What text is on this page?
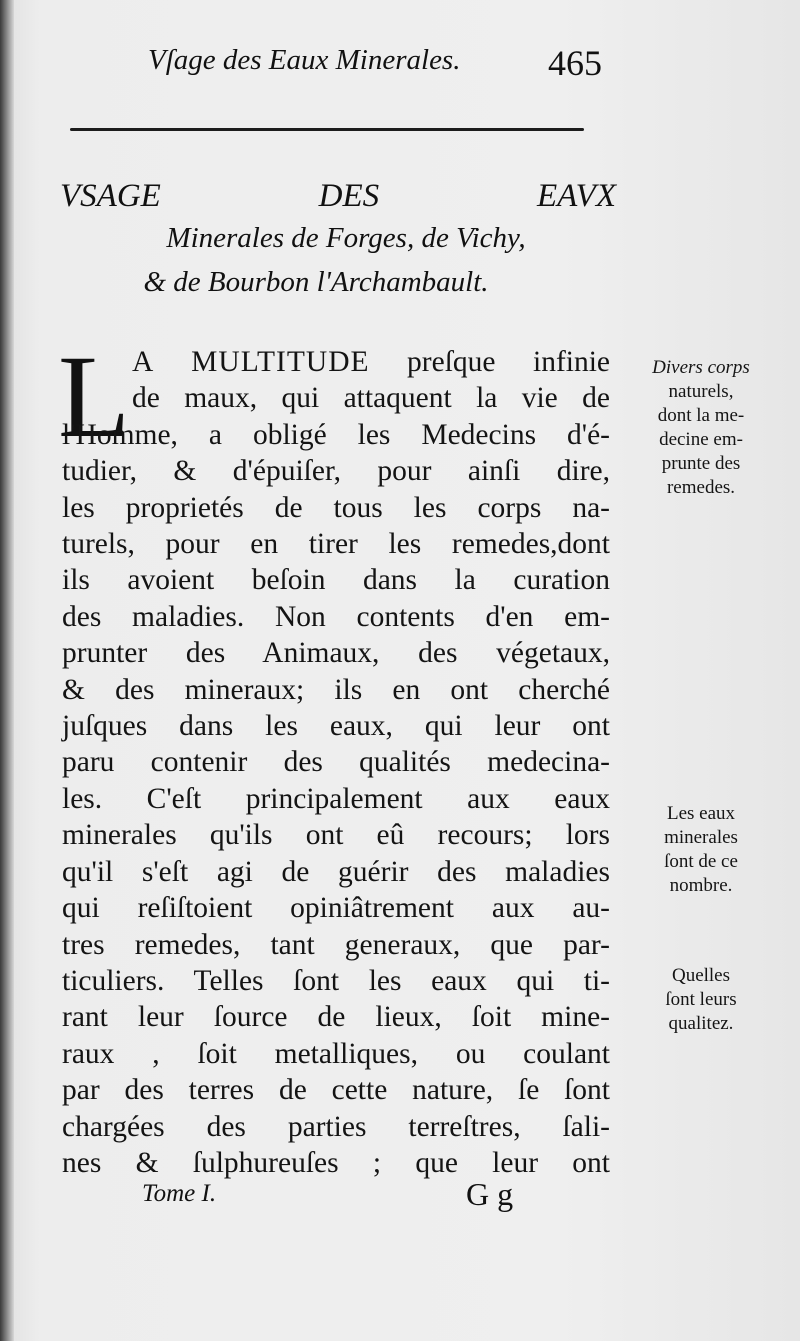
Vſage des Eaux Minerales.	465
VSAGE	DES	EAVX
Minerales de Forges, de Vichy,
& de Bourbon l'Archambault.
L A MULTITUDE preſque infinie
de maux, qui attaquent la vie de
l'Homme, a obligé les Medecins d'é-
tudier, & d'épuiſer, pour ainſi dire,
les proprietés de tous les corps na-
turels, pour en tirer les remedes,dont
ils avoient beſoin dans la curation
des maladies. Non contents d'en em-
prunter des Animaux, des végetaux,
& des mineraux; ils en ont cherché
juſques dans les eaux, qui leur ont
paru contenir des qualités medecina-
les. C'eſt principalement aux eaux
minerales qu'ils ont eû recours; lors
qu'il s'eſt agi de guérir des maladies
qui reſiſtoient opiniâtrement aux au-
tres remedes, tant generaux, que par-
ticuliers. Telles ſont les eaux qui ti-
rant leur ſource de lieux, ſoit mine-
raux , ſoit metalliques, ou coulant
par des terres de cette nature, ſe ſont
chargées des parties terreſtres, ſali-
nes & ſulphureuſes ; que leur ont
Divers corps
naturels,
dont la me-
decine em-
prunte des
remedes.
Les eaux
minerales
ſont de ce
nombre.
Quelles
ſont leurs
qualitez.
Tome I.	G g
